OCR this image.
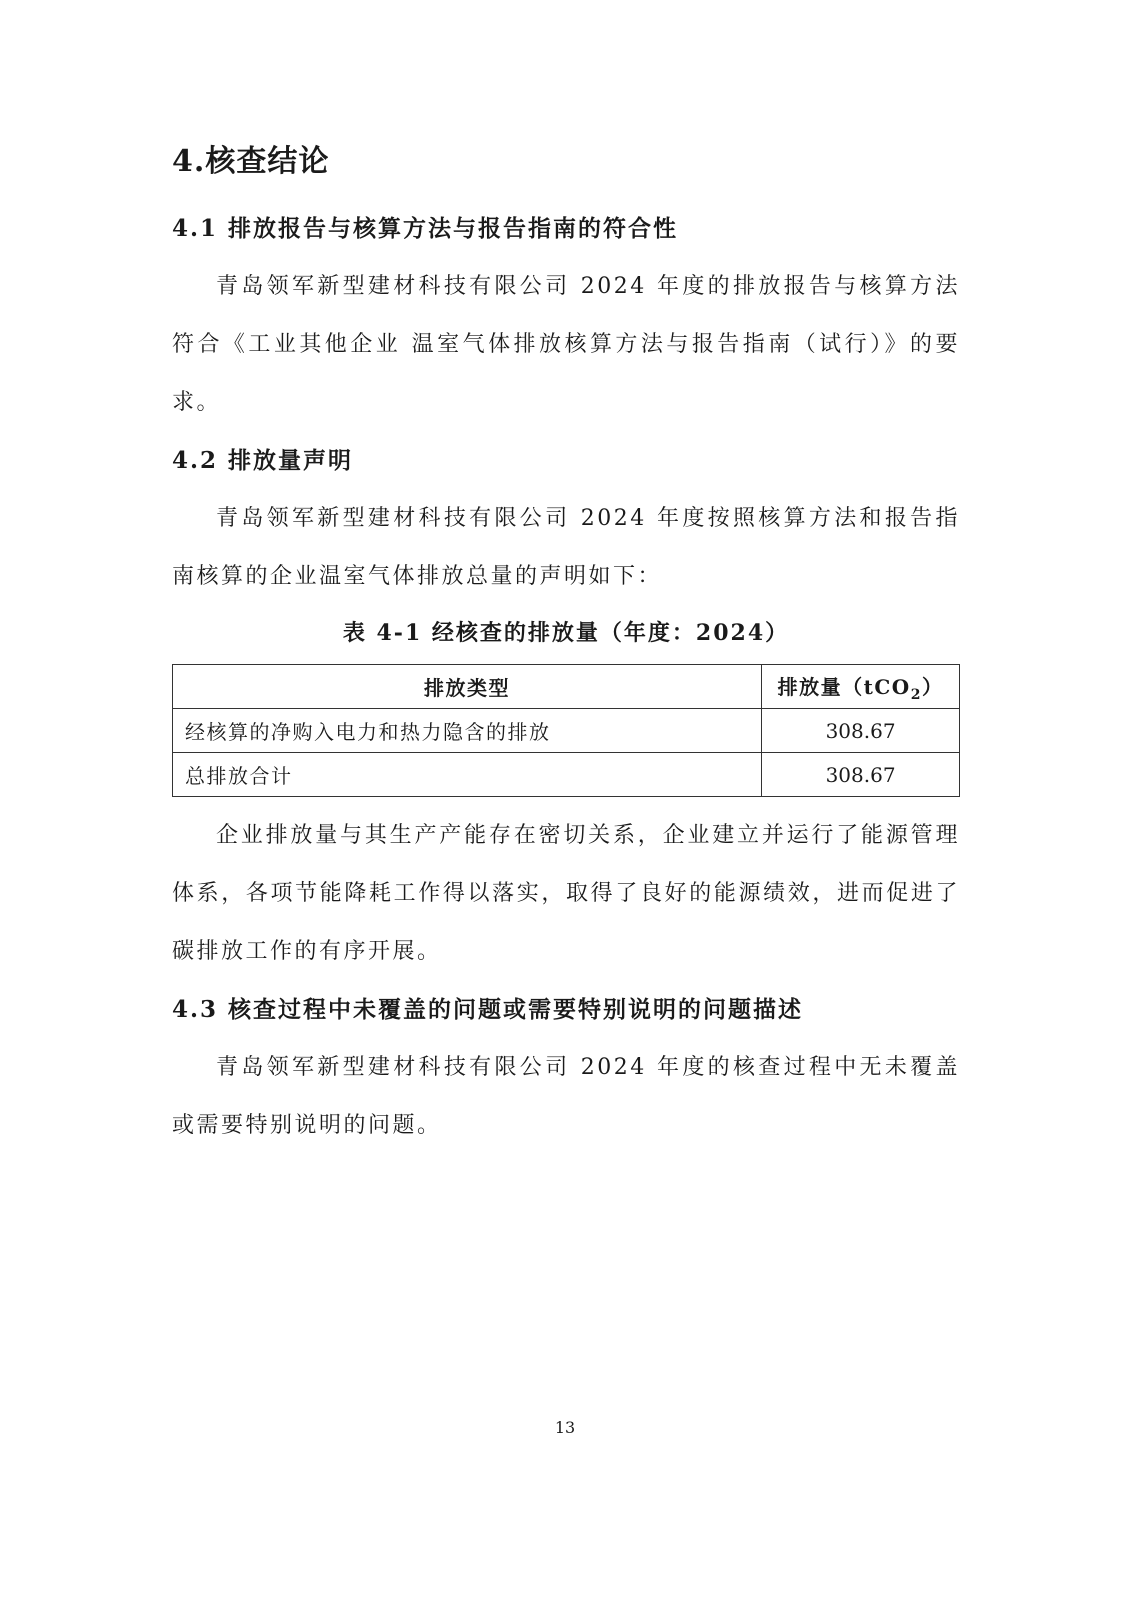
4.核查结论
4.1 排放报告与核算方法与报告指南的符合性

青岛领军新型建材科技有限公司 2024 年度的排放报告与核算方法符合《工业其他企业 温室气体排放核算方法与报告指南（试行）》的要求。

4.2 排放量声明

青岛领军新型建材科技有限公司 2024 年度按照核算方法和报告指南核算的企业温室气体排放总量的声明如下：

表 4-1 经核查的排放量（年度：2024）
排放类型	排放量（tCO$_2$）
经核算的净购入电力和热力隐含的排放	308.67
总排放合计	308.67

企业排放量与其生产产能存在密切关系，企业建立并运行了能源管理体系，各项节能降耗工作得以落实，取得了良好的能源绩效，进而促进了碳排放工作的有序开展。

4.3 核查过程中未覆盖的问题或需要特别说明的问题描述

青岛领军新型建材科技有限公司 2024 年度的核查过程中无未覆盖或需要特别说明的问题。

13
